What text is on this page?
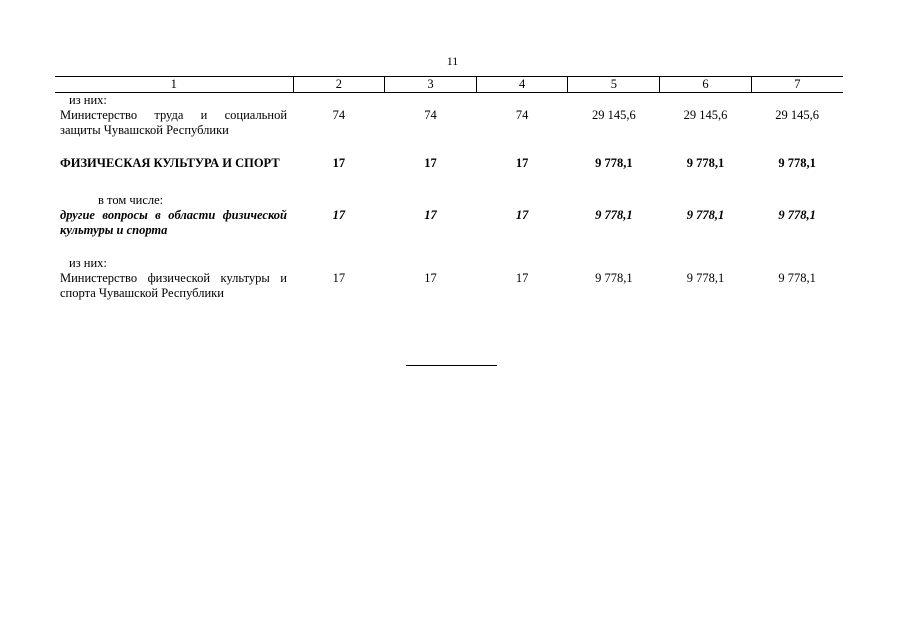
11
1	2	3	4	5	6	7
из них:						
Министерство труда и социальной защиты Чувашской Республики	74	74	74	29 145,6	29 145,6	29 145,6

ФИЗИЧЕСКАЯ КУЛЬТУРА И СПОРТ	17	17	17	9 778,1	9 778,1	9 778,1

в том числе:						
другие вопросы в области физической культуры и спорта	17	17	17	9 778,1	9 778,1	9 778,1

из них:						
Министерство физической культуры и спорта Чувашской Республики	17	17	17	9 778,1	9 778,1	9 778,1
